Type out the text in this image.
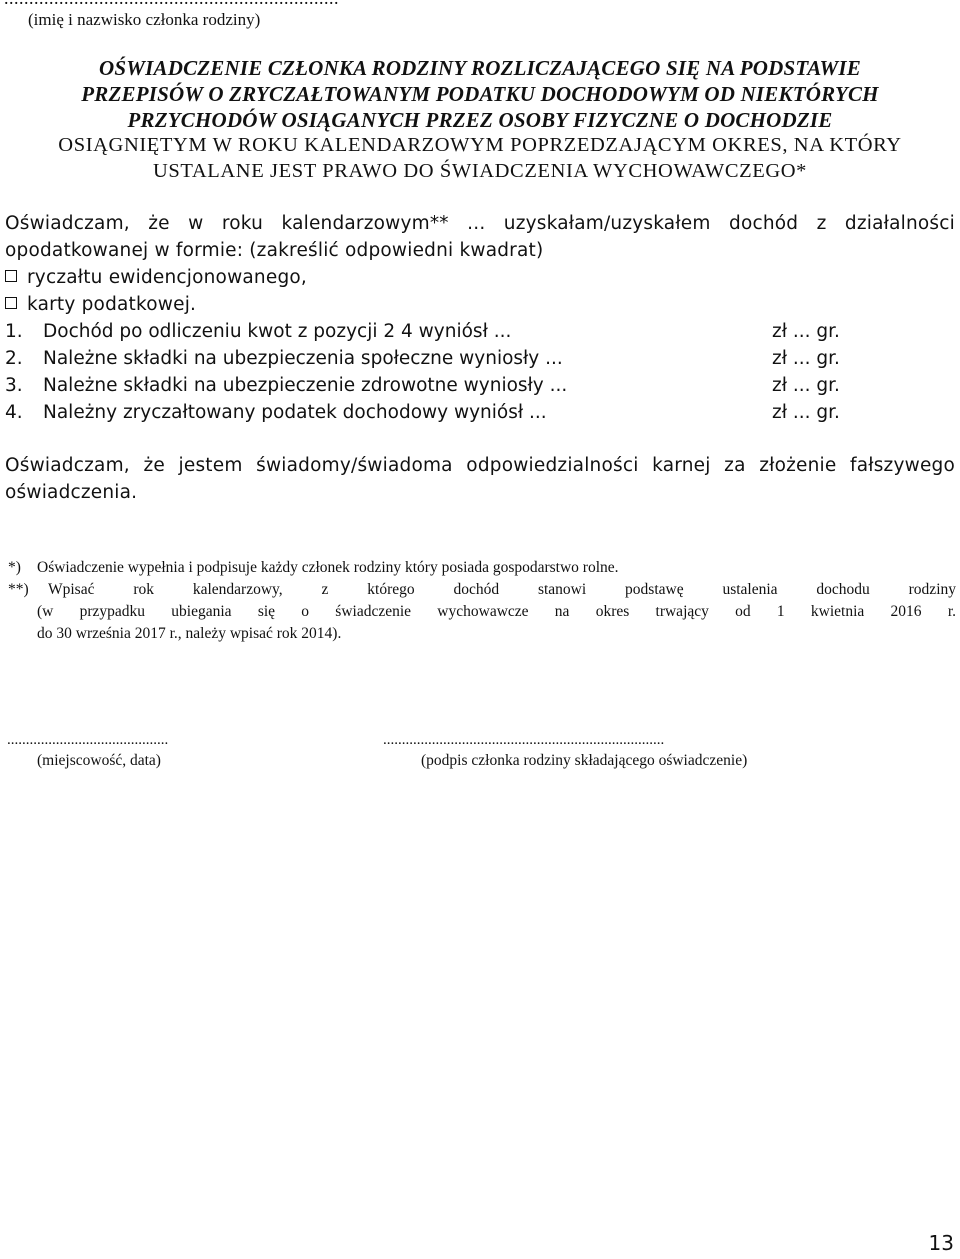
(imię i nazwisko członka rodziny)
OŚWIADCZENIE CZŁONKA RODZINY ROZLICZAJĄCEGO SIĘ NA PODSTAWIE
PRZEPISÓW O ZRYCZAŁTOWANYM PODATKU DOCHODOWYM OD NIEKTÓRYCH
PRZYCHODÓW OSIĄGANYCH PRZEZ OSOBY FIZYCZNE O DOCHODZIE
OSIĄGNIĘTYM W ROKU KALENDARZOWYM POPRZEDZAJĄCYM OKRES, NA KTÓRY
USTALANE JEST PRAWO DO ŚWIADCZENIA WYCHOWAWCZEGO*
Oświadczam, że w roku kalendarzowym** ... uzyskałam/uzyskałem dochód z działalności
opodatkowanej w formie: (zakreślić odpowiedni kwadrat)
ryczałtu ewidencjonowanego,
karty podatkowej.
1. Dochód po odliczeniu kwot z pozycji 2 4 wyniósł ...	zł ... gr.
2. Należne składki na ubezpieczenia społeczne wyniosły ...	zł ... gr.
3. Należne składki na ubezpieczenie zdrowotne wyniosły ...	zł ... gr.
4. Należny zryczałtowany podatek dochodowy wyniósł ...	zł ... gr.
Oświadczam, że jestem świadomy/świadoma odpowiedzialności karnej za złożenie fałszywego
oświadczenia.
*) Oświadczenie wypełnia i podpisuje każdy członek rodziny który posiada gospodarstwo rolne.
**) Wpisać rok kalendarzowy, z którego dochód stanowi podstawę ustalenia dochodu rodziny
(w przypadku ubiegania się o świadczenie wychowawcze na okres trwający od 1 kwietnia 2016 r.
do 30 września 2017 r., należy wpisać rok 2014).
...........................................
(miejscowość, data)
...........................................................................
(podpis członka rodziny składającego oświadczenie)
13
